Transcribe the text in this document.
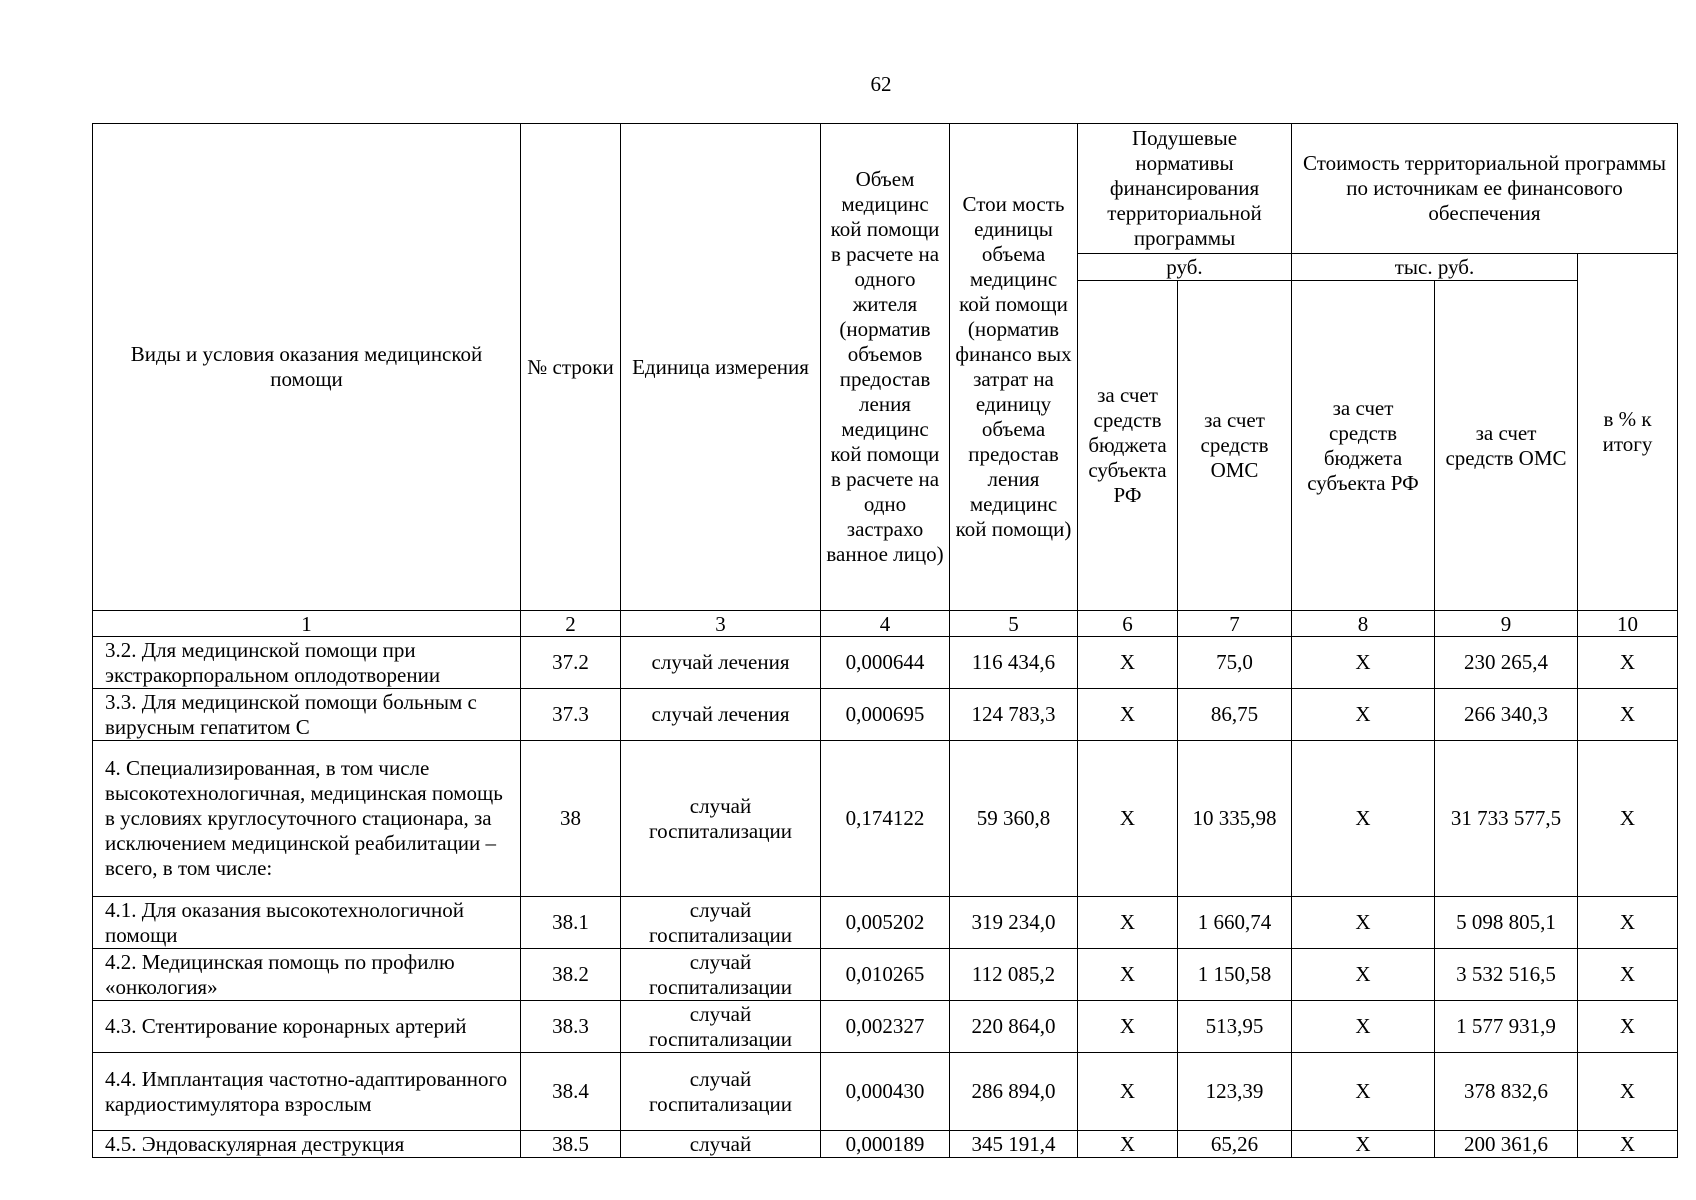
62
Виды и условия оказания медицинской помощи	№ строки	Единица измерения	Объем медицинс кой помощи в расчете на одного жителя (норматив объемов предостав ления медицинс кой помощи в расчете на одно застрахо ванное лицо)	Стои мость единицы объема медицинс кой помощи (норматив финансо вых затрат на единицу объема предостав ления медицинс кой помощи)	Подушевые нормативы финансирования территориальной программы		Стоимость территориальной программы по источникам ее финансового обеспечения		
					руб.		тыс. руб.		в % к итогу
					за счет средств бюджета субъекта РФ	за счет средств ОМС	за счет средств бюджета субъекта РФ	за счет средств ОМС	
1	2	3	4	5	6	7	8	9	10
3.2. Для медицинской помощи при экстракорпоральном оплодотворении	37.2	случай лечения	0,000644	116 434,6	Х	75,0	Х	230 265,4	Х
3.3. Для медицинской помощи больным с вирусным гепатитом С	37.3	случай лечения	0,000695	124 783,3	Х	86,75	Х	266 340,3	Х
4. Специализированная, в том числе высокотехнологичная, медицинская помощь в условиях круглосуточного стационара, за исключением медицинской реабилитации – всего, в том числе:	38	случай госпитализации	0,174122	59 360,8	Х	10 335,98	Х	31 733 577,5	Х
4.1. Для оказания высокотехнологичной помощи	38.1	случай госпитализации	0,005202	319 234,0	Х	1 660,74	Х	5 098 805,1	Х
4.2. Медицинская помощь по профилю «онкология»	38.2	случай госпитализации	0,010265	112 085,2	Х	1 150,58	Х	3 532 516,5	Х
4.3. Стентирование коронарных артерий	38.3	случай госпитализации	0,002327	220 864,0	Х	513,95	Х	1 577 931,9	Х
4.4. Имплантация частотно-адаптированного кардиостимулятора взрослым	38.4	случай госпитализации	0,000430	286 894,0	Х	123,39	Х	378 832,6	Х
4.5. Эндоваскулярная деструкция	38.5	случай	0,000189	345 191,4	Х	65,26	Х	200 361,6	Х
